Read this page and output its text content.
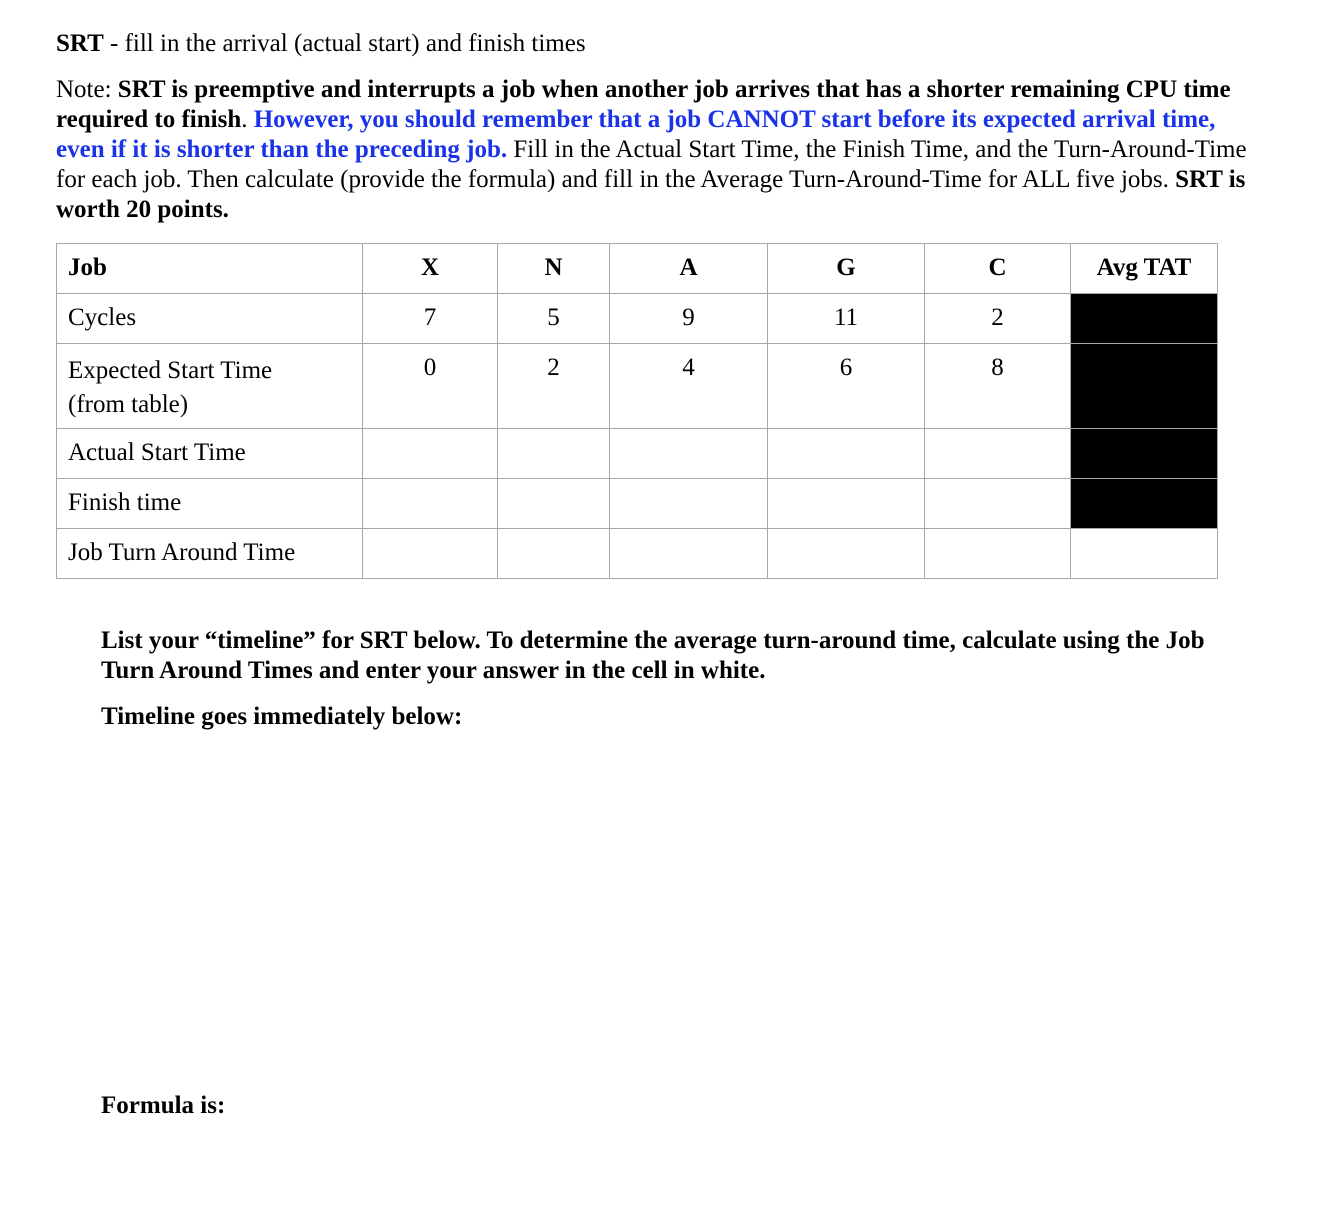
SRT - fill in the arrival (actual start) and finish times
Note: SRT is preemptive and interrupts a job when another job arrives that has a shorter remaining CPU time required to finish. However, you should remember that a job CANNOT start before its expected arrival time, even if it is shorter than the preceding job. Fill in the Actual Start Time, the Finish Time, and the Turn-Around-Time for each job. Then calculate (provide the formula) and fill in the Average Turn-Around-Time for ALL five jobs. SRT is worth 20 points.
Job	X	N	A	G	C	Avg TAT
Cycles	7	5	9	11	2	

Expected Start Time
(from table)	0	2	4	6	8	
Actual Start Time						
Finish time						
Job Turn Around Time						
List your “timeline” for SRT below. To determine the average turn-around time, calculate using the Job Turn Around Times and enter your answer in the cell in white.
Timeline goes immediately below:
Formula is:
